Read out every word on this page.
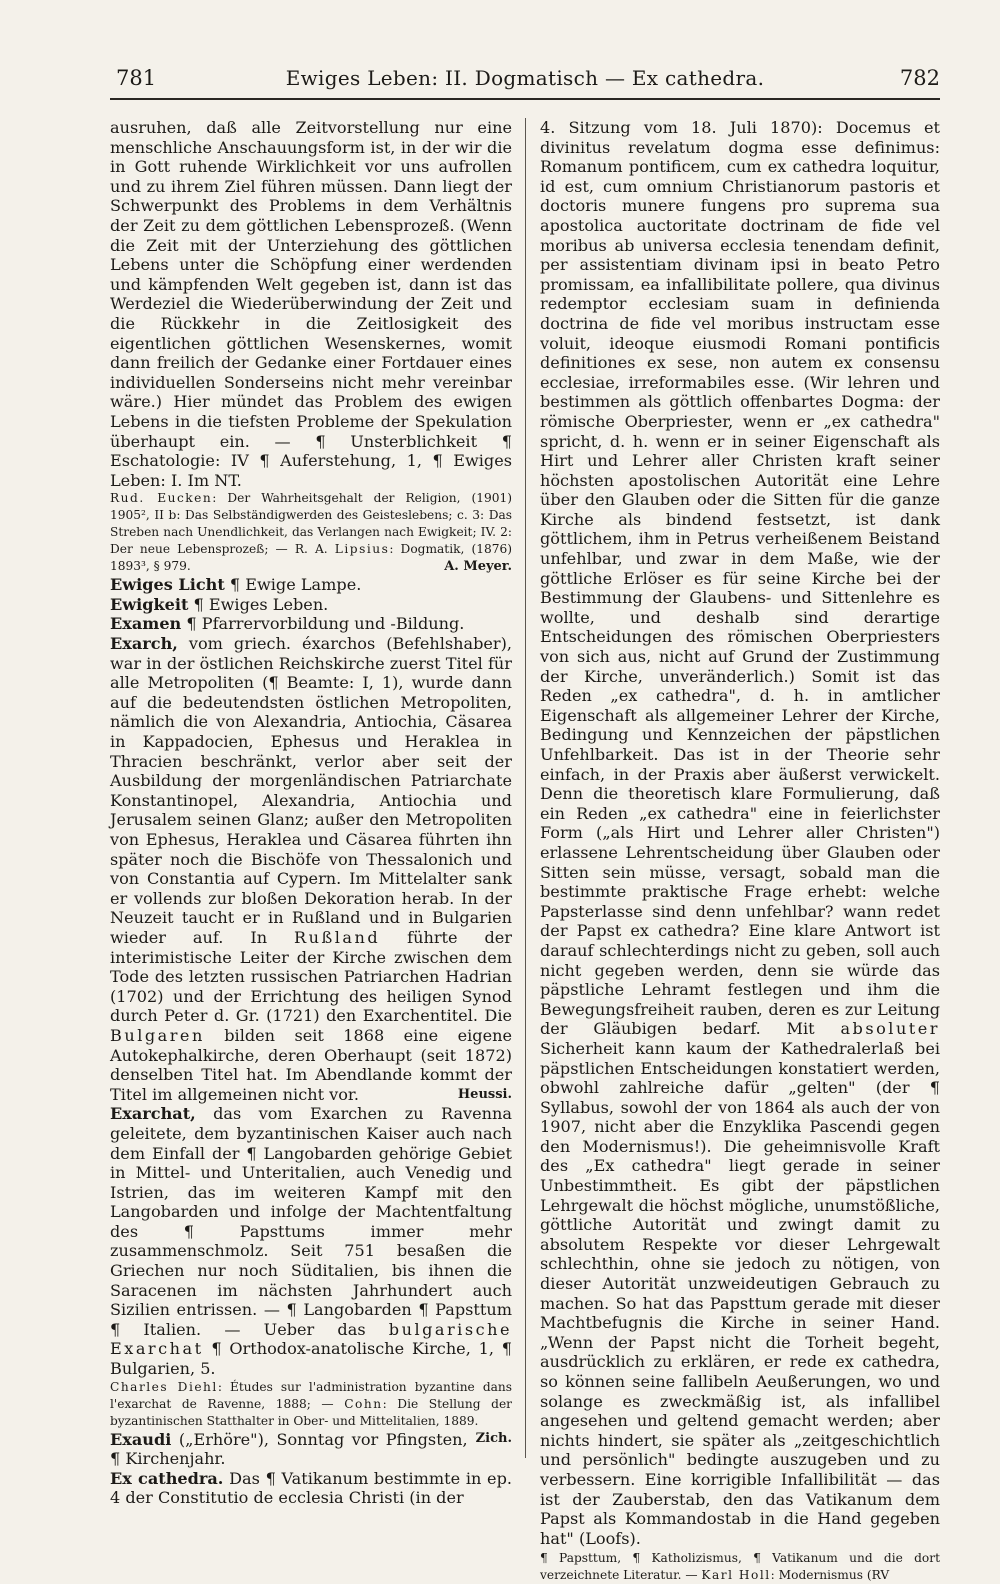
781	Ewiges Leben: II. Dogmatisch — Ex cathedra.	782

ausruhen, daß alle Zeitvorstellung nur eine menschliche Anschauungsform ist, in der wir die in Gott ruhende Wirklichkeit vor uns aufrollen und zu ihrem Ziel führen müssen. Dann liegt der Schwerpunkt des Problems in dem Verhältnis der Zeit zu dem göttlichen Lebensprozeß. (Wenn die Zeit mit der Unterziehung des göttlichen Lebens unter die Schöpfung einer werdenden und kämpfenden Welt gegeben ist, dann ist das Werdeziel die Wiederüberwindung der Zeit und die Rückkehr in die Zeitlosigkeit des eigentlichen göttlichen Wesenskernes, womit dann freilich der Gedanke einer Fortdauer eines individuellen Sonderseins nicht mehr vereinbar wäre.) Hier mündet das Problem des ewigen Lebens in die tiefsten Probleme der Spekulation überhaupt ein. — ¶ Unsterblichkeit ¶ Eschatologie: IV ¶ Auferstehung, 1, ¶ Ewiges Leben: I. Im NT.

Rud. Eucken: Der Wahrheitsgehalt der Religion, (1901) 1905², II b: Das Selbständigwerden des Geisteslebens; c. 3: Das Streben nach Unendlichkeit, das Verlangen nach Ewigkeit; IV. 2: Der neue Lebensprozeß; — R. A. Lipsius: Dogmatik, (1876) 1893³, § 979.	A. Meyer.

Ewiges Licht ¶ Ewige Lampe.

Ewigkeit ¶ Ewiges Leben.

Examen ¶ Pfarrervorbildung und -Bildung.

Exarch, vom griech. éxarchos (Befehlshaber), war in der östlichen Reichskirche zuerst Titel für alle Metropoliten (¶ Beamte: I, 1), wurde dann auf die bedeutendsten östlichen Metropoliten, nämlich die von Alexandria, Antiochia, Cäsarea in Kappadocien, Ephesus und Heraklea in Thracien beschränkt, verlor aber seit der Ausbildung der morgenländischen Patriarchate Konstantinopel, Alexandria, Antiochia und Jerusalem seinen Glanz; außer den Metropoliten von Ephesus, Heraklea und Cäsarea führten ihn später noch die Bischöfe von Thessalonich und von Constantia auf Cypern. Im Mittelalter sank er vollends zur bloßen Dekoration herab. In der Neuzeit taucht er in Rußland und in Bulgarien wieder auf. In Rußland führte der interimistische Leiter der Kirche zwischen dem Tode des letzten russischen Patriarchen Hadrian (1702) und der Errichtung des heiligen Synod durch Peter d. Gr. (1721) den Exarchentitel. Die Bulgaren bilden seit 1868 eine eigene Autokephalkirche, deren Oberhaupt (seit 1872) denselben Titel hat. Im Abendlande kommt der Titel im allgemeinen nicht vor.	Heussi.

Exarchat, das vom Exarchen zu Ravenna geleitete, dem byzantinischen Kaiser auch nach dem Einfall der ¶ Langobarden gehörige Gebiet in Mittel- und Unteritalien, auch Venedig und Istrien, das im weiteren Kampf mit den Langobarden und infolge der Machtentfaltung des ¶ Papsttums immer mehr zusammenschmolz. Seit 751 besaßen die Griechen nur noch Süditalien, bis ihnen die Saracenen im nächsten Jahrhundert auch Sizilien entrissen. — ¶ Langobarden ¶ Papsttum ¶ Italien. — Ueber das bulgarische Exarchat ¶ Orthodox-anatolische Kirche, 1, ¶ Bulgarien, 5.

Charles Diehl: Études sur l'administration byzantine dans l'exarchat de Ravenne, 1888; — Cohn: Die Stellung der byzantinischen Statthalter in Ober- und Mittelitalien, 1889.
Zich.

Exaudi („Erhöre"), Sonntag vor Pfingsten, ¶ Kirchenjahr.

Ex cathedra. Das ¶ Vatikanum bestimmte in ep. 4 der Constitutio de ecclesia Christi (in der

4. Sitzung vom 18. Juli 1870): Docemus et divinitus revelatum dogma esse definimus: Romanum pontificem, cum ex cathedra loquitur, id est, cum omnium Christianorum pastoris et doctoris munere fungens pro suprema sua apostolica auctoritate doctrinam de fide vel moribus ab universa ecclesia tenendam definit, per assistentiam divinam ipsi in beato Petro promissam, ea infallibilitate pollere, qua divinus redemptor ecclesiam suam in definienda doctrina de fide vel moribus instructam esse voluit, ideoque eiusmodi Romani pontificis definitiones ex sese, non autem ex consensu ecclesiae, irreformabiles esse. (Wir lehren und bestimmen als göttlich offenbartes Dogma: der römische Oberpriester, wenn er „ex cathedra" spricht, d. h. wenn er in seiner Eigenschaft als Hirt und Lehrer aller Christen kraft seiner höchsten apostolischen Autorität eine Lehre über den Glauben oder die Sitten für die ganze Kirche als bindend festsetzt, ist dank göttlichem, ihm in Petrus verheißenem Beistand unfehlbar, und zwar in dem Maße, wie der göttliche Erlöser es für seine Kirche bei der Bestimmung der Glaubens- und Sittenlehre es wollte, und deshalb sind derartige Entscheidungen des römischen Oberpriesters von sich aus, nicht auf Grund der Zustimmung der Kirche, unveränderlich.) Somit ist das Reden „ex cathedra", d. h. in amtlicher Eigenschaft als allgemeiner Lehrer der Kirche, Bedingung und Kennzeichen der päpstlichen Unfehlbarkeit. Das ist in der Theorie sehr einfach, in der Praxis aber äußerst verwickelt. Denn die theoretisch klare Formulierung, daß ein Reden „ex cathedra" eine in feierlichster Form („als Hirt und Lehrer aller Christen") erlassene Lehrentscheidung über Glauben oder Sitten sein müsse, versagt, sobald man die bestimmte praktische Frage erhebt: welche Papsterlasse sind denn unfehlbar? wann redet der Papst ex cathedra? Eine klare Antwort ist darauf schlechterdings nicht zu geben, soll auch nicht gegeben werden, denn sie würde das päpstliche Lehramt festlegen und ihm die Bewegungsfreiheit rauben, deren es zur Leitung der Gläubigen bedarf. Mit absoluter Sicherheit kann kaum der Kathedralerlaß bei päpstlichen Entscheidungen konstatiert werden, obwohl zahlreiche dafür „gelten" (der ¶ Syllabus, sowohl der von 1864 als auch der von 1907, nicht aber die Enzyklika Pascendi gegen den Modernismus!). Die geheimnisvolle Kraft des „Ex cathedra" liegt gerade in seiner Unbestimmtheit. Es gibt der päpstlichen Lehrgewalt die höchst mögliche, unumstößliche, göttliche Autorität und zwingt damit zu absolutem Respekte vor dieser Lehrgewalt schlechthin, ohne sie jedoch zu nötigen, von dieser Autorität unzweideutigen Gebrauch zu machen. So hat das Papsttum gerade mit dieser Machtbefugnis die Kirche in seiner Hand. „Wenn der Papst nicht die Torheit begeht, ausdrücklich zu erklären, er rede ex cathedra, so können seine fallibeln Aeußerungen, wo und solange es zweckmäßig ist, als infallibel angesehen und geltend gemacht werden; aber nichts hindert, sie später als „zeitgeschichtlich und persönlich" bedingte auszugeben und zu verbessern. Eine korrigible Infallibilität — das ist der Zauberstab, den das Vatikanum dem Papst als Kommandostab in die Hand gegeben hat" (Loofs).

¶ Papsttum, ¶ Katholizismus, ¶ Vatikanum und die dort verzeichnete Literatur. — Karl Holl: Modernismus (RV
